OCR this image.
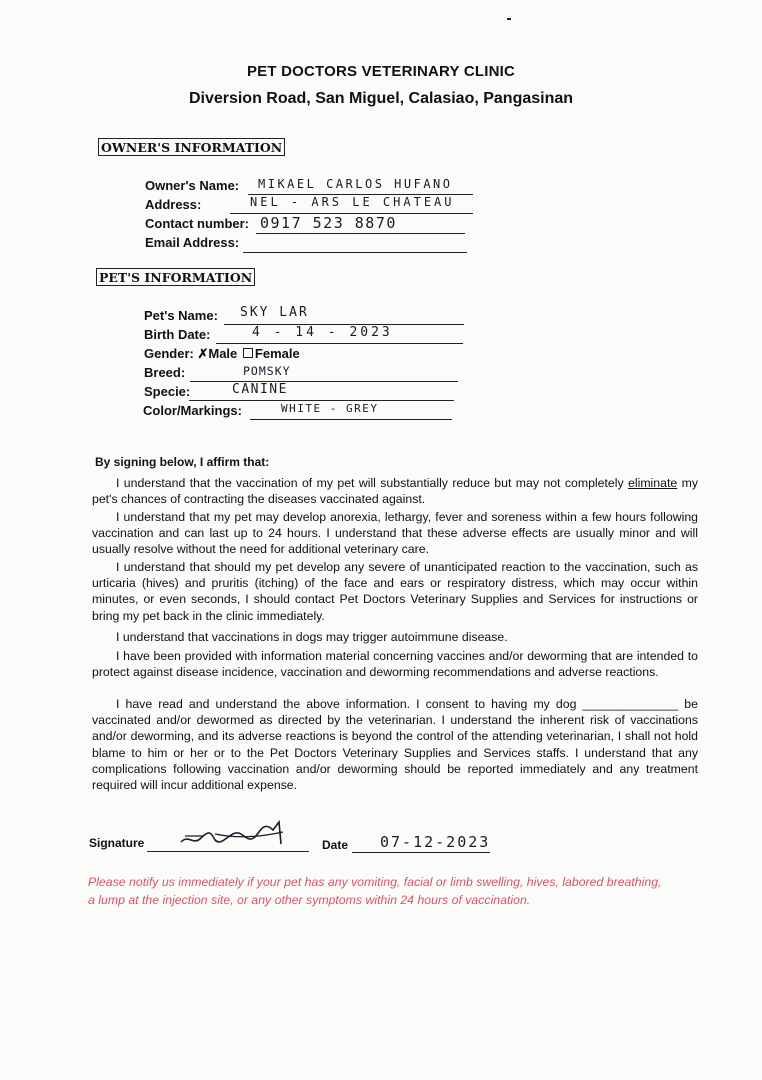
PET DOCTORS VETERINARY CLINIC
Diversion Road, San Miguel, Calasiao, Pangasinan
OWNER'S INFORMATION
Owner's Name: MIKAEL CARLOS HUFANO
Address:	NEL - ARS LE CHATEAU
Contact number: 0917 523 8870
Email Address:
PET'S INFORMATION
Pet's Name: SKY LAR
Birth Date:	4 - 14 - 2023
Gender: ✗Male Female
Breed:	POMSKY
Specie:	CANINE
Color/Markings:	WHITE - GREY
By signing below, I affirm that:

I understand that the vaccination of my pet will substantially reduce but may not completely eliminate my pet's chances of contracting the diseases vaccinated against.

I understand that my pet may develop anorexia, lethargy, fever and soreness within a few hours following vaccination and can last up to 24 hours. I understand that these adverse effects are usually minor and will usually resolve without the need for additional veterinary care.

I understand that should my pet develop any severe of unanticipated reaction to the vaccination, such as urticaria (hives) and pruritis (itching) of the face and ears or respiratory distress, which may occur within minutes, or even seconds, I should contact Pet Doctors Veterinary Supplies and Services for instructions or bring my pet back in the clinic immediately.

I understand that vaccinations in dogs may trigger autoimmune disease.

I have been provided with information material concerning vaccines and/or deworming that are intended to protect against disease incidence, vaccination and deworming recommendations and adverse reactions.

I have read and understand the above information. I consent to having my dog ______________ be vaccinated and/or dewormed as directed by the veterinarian. I understand the inherent risk of vaccinations and/or deworming, and its adverse reactions is beyond the control of the attending veterinarian, I shall not hold blame to him or her or to the Pet Doctors Veterinary Supplies and Services staffs. I understand that any complications following vaccination and/or deworming should be reported immediately and any treatment required will incur additional expense.

Signature	Date 07-12-2023
Please notify us immediately if your pet has any vomiting, facial or limb swelling, hives, labored breathing, a lump at the injection site, or any other symptoms within 24 hours of vaccination.
